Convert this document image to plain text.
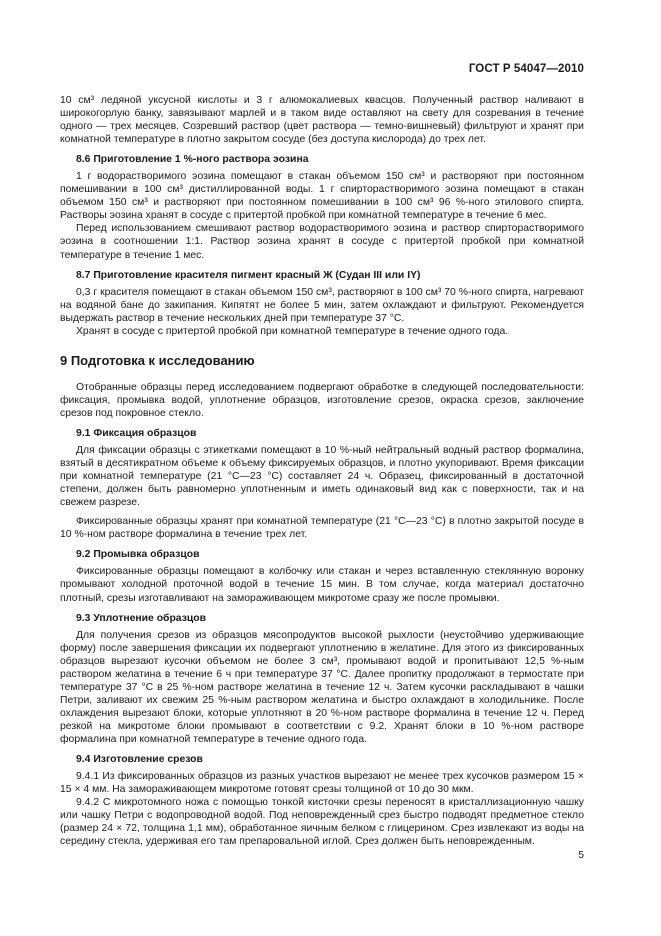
ГОСТ Р 54047—2010

10 см³ ледяной уксусной кислоты и 3 г алюмокалиевых квасцов. Полученный раствор наливают в широкогорлую банку, завязывают марлей и в таком виде оставляют на свету для созревания в течение одного — трех месяцев. Созревший раствор (цвет раствора — темно-вишневый) фильтруют и хранят при комнатной температуре в плотно закрытом сосуде (без доступа кислорода) до трех лет.

8.6 Приготовление 1 %-ного раствора эозина

1 г водорастворимого эозина помещают в стакан объемом 150 см³ и растворяют при постоянном помешивании в 100 см³ дистиллированной воды. 1 г спирторастворимого эозина помещают в стакан объемом 150 см³ и растворяют при постоянном помешивании в 100 см³ 96 %-ного этилового спирта. Растворы эозина хранят в сосуде с притертой пробкой при комнатной температуре в течение 6 мес.

Перед использованием смешивают раствор водорастворимого эозина и раствор спирторастворимого эозина в соотношении 1:1. Раствор эозина хранят в сосуде с притертой пробкой при комнатной температуре в течение 1 мес.

8.7 Приготовление красителя пигмент красный Ж (Судан III или IY)

0,3 г красителя помещают в стакан объемом 150 см³, растворяют в 100 см³ 70 %-ного спирта, нагревают на водяной бане до закипания. Кипятят не более 5 мин, затем охлаждают и фильтруют. Рекомендуется выдержать раствор в течение нескольких дней при температуре 37 °С.

Хранят в сосуде с притертой пробкой при комнатной температуре в течение одного года.

9 Подготовка к исследованию

Отобранные образцы перед исследованием подвергают обработке в следующей последовательности: фиксация, промывка водой, уплотнение образцов, изготовление срезов, окраска срезов, заключение срезов под покровное стекло.

9.1 Фиксация образцов

Для фиксации образцы с этикетками помещают в 10 %-ный нейтральный водный раствор формалина, взятый в десятикратном объеме к объему фиксируемых образцов, и плотно укупоривают. Время фиксации при комнатной температуре (21 °С—23 °С) составляет 24 ч. Образец, фиксированный в достаточной степени, должен быть равномерно уплотненным и иметь одинаковый вид как с поверхности, так и на свежем разрезе.

Фиксированные образцы хранят при комнатной температуре (21 °С—23 °С) в плотно закрытой посуде в 10 %-ном растворе формалина в течение трех лет.

9.2 Промывка образцов

Фиксированные образцы помещают в колбочку или стакан и через вставленную стеклянную воронку промывают холодной проточной водой в течение 15 мин. В том случае, когда материал достаточно плотный, срезы изготавливают на замораживающем микротоме сразу же после промывки.

9.3 Уплотнение образцов

Для получения срезов из образцов мясопродуктов высокой рыхлости (неустойчиво удерживающие форму) после завершения фиксации их подвергают уплотнению в желатине. Для этого из фиксированных образцов вырезают кусочки объемом не более 3 см³, промывают водой и пропитывают 12,5 %-ным раствором желатина в течение 6 ч при температуре 37 °С. Далее пропитку продолжают в термостате при температуре 37 °С в 25 %-ном растворе желатина в течение 12 ч. Затем кусочки раскладывают в чашки Петри, заливают их свежим 25 %-ным раствором желатина и быстро охлаждают в холодильнике. После охлаждения вырезают блоки, которые уплотняют в 20 %-ном растворе формалина в течение 12 ч. Перед резкой на микротоме блоки промывают в соответствии с 9.2. Хранят блоки в 10 %-ном растворе формалина при комнатной температуре в течение одного года.

9.4 Изготовление срезов

9.4.1 Из фиксированных образцов из разных участков вырезают не менее трех кусочков размером 15 × 15 × 4 мм. На замораживающем микротоме готовят срезы толщиной от 10 до 30 мкм.

9.4.2 С микротомного ножа с помощью тонкой кисточки срезы переносят в кристаллизационную чашку или чашку Петри с водопроводной водой. Под неповрежденный срез быстро подводят предметное стекло (размер 24 × 72, толщина 1,1 мм), обработанное яичным белком с глицерином. Срез извлекают из воды на середину стекла, удерживая его там препаровальной иглой. Срез должен быть неповрежденным.

5
